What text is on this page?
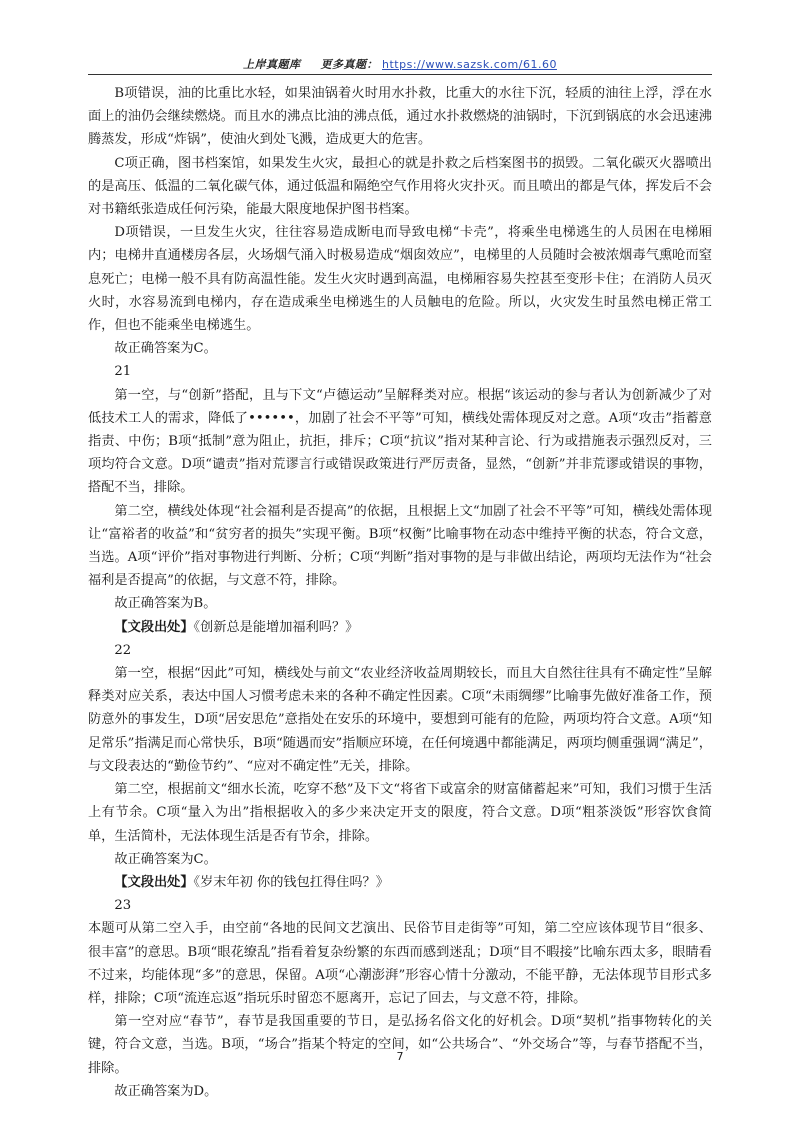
上岸真题库 更多真题： https://www.sazsk.com/61.60

B项错误，油的比重比水轻，如果油锅着火时用水扑救，比重大的水往下沉，轻质的油往上浮，浮在水面上的油仍会继续燃烧。而且水的沸点比油的沸点低，通过水扑救燃烧的油锅时，下沉到锅底的水会迅速沸腾蒸发，形成“炸锅”，使油火到处飞溅，造成更大的危害。

C项正确，图书档案馆，如果发生火灾，最担心的就是扑救之后档案图书的损毁。二氧化碳灭火器喷出的是高压、低温的二氧化碳气体，通过低温和隔绝空气作用将火灾扑灭。而且喷出的都是气体，挥发后不会对书籍纸张造成任何污染，能最大限度地保护图书档案。

D项错误，一旦发生火灾，往往容易造成断电而导致电梯“卡壳”，将乘坐电梯逃生的人员困在电梯厢内；电梯井直通楼房各层，火场烟气涌入时极易造成“烟囱效应”，电梯里的人员随时会被浓烟毒气熏呛而窒息死亡；电梯一般不具有防高温性能。发生火灾时遇到高温，电梯厢容易失控甚至变形卡住；在消防人员灭火时，水容易流到电梯内，存在造成乘坐电梯逃生的人员触电的危险。所以，火灾发生时虽然电梯正常工作，但也不能乘坐电梯逃生。

故正确答案为C。

21

第一空，与“创新”搭配，且与下文“卢德运动”呈解释类对应。根据“该运动的参与者认为创新减少了对低技术工人的需求，降低了••••••，加剧了社会不平等”可知，横线处需体现反对之意。A项“攻击”指蓄意指责、中伤；B项“抵制”意为阻止，抗拒，排斥；C项“抗议”指对某种言论、行为或措施表示强烈反对，三项均符合文意。D项“谴责”指对荒谬言行或错误政策进行严厉责备，显然，“创新”并非荒谬或错误的事物，搭配不当，排除。

第二空，横线处体现“社会福利是否提高”的依据，且根据上文“加剧了社会不平等”可知，横线处需体现让“富裕者的收益”和“贫穷者的损失”实现平衡。B项“权衡”比喻事物在动态中维持平衡的状态，符合文意，当选。A项“评价”指对事物进行判断、分析；C项“判断”指对事物的是与非做出结论，两项均无法作为“社会福利是否提高”的依据，与文意不符，排除。

故正确答案为B。

【文段出处】《创新总是能增加福利吗？》

22

第一空，根据“因此”可知，横线处与前文“农业经济收益周期较长，而且大自然往往具有不确定性”呈解释类对应关系，表达中国人习惯考虑未来的各种不确定性因素。C项“未雨绸缪”比喻事先做好准备工作，预防意外的事发生，D项“居安思危”意指处在安乐的环境中，要想到可能有的危险，两项均符合文意。A项“知足常乐”指满足而心常快乐，B项“随遇而安”指顺应环境，在任何境遇中都能满足，两项均侧重强调“满足”，与文段表达的“勤俭节约”、“应对不确定性”无关，排除。

第二空，根据前文“细水长流，吃穿不愁”及下文“将省下或富余的财富储蓄起来”可知，我们习惯于生活上有节余。C项“量入为出”指根据收入的多少来决定开支的限度，符合文意。D项“粗茶淡饭”形容饮食简单，生活简朴，无法体现生活是否有节余，排除。

故正确答案为C。

【文段出处】《岁末年初 你的钱包扛得住吗？》

23

本题可从第二空入手，由空前“各地的民间文艺演出、民俗节目走街等”可知，第二空应该体现节目“很多、很丰富”的意思。B项“眼花缭乱”指看着复杂纷繁的东西而感到迷乱；D项“目不暇接”比喻东西太多，眼睛看不过来，均能体现“多”的意思，保留。A项“心潮澎湃”形容心情十分激动，不能平静，无法体现节目形式多样，排除；C项“流连忘返”指玩乐时留恋不愿离开，忘记了回去，与文意不符，排除。

第一空对应“春节”，春节是我国重要的节日，是弘扬名俗文化的好机会。D项“契机”指事物转化的关键，符合文意，当选。B项，“场合”指某个特定的空间，如“公共场合”、“外交场合”等，与春节搭配不当，排除。

故正确答案为D。

7
